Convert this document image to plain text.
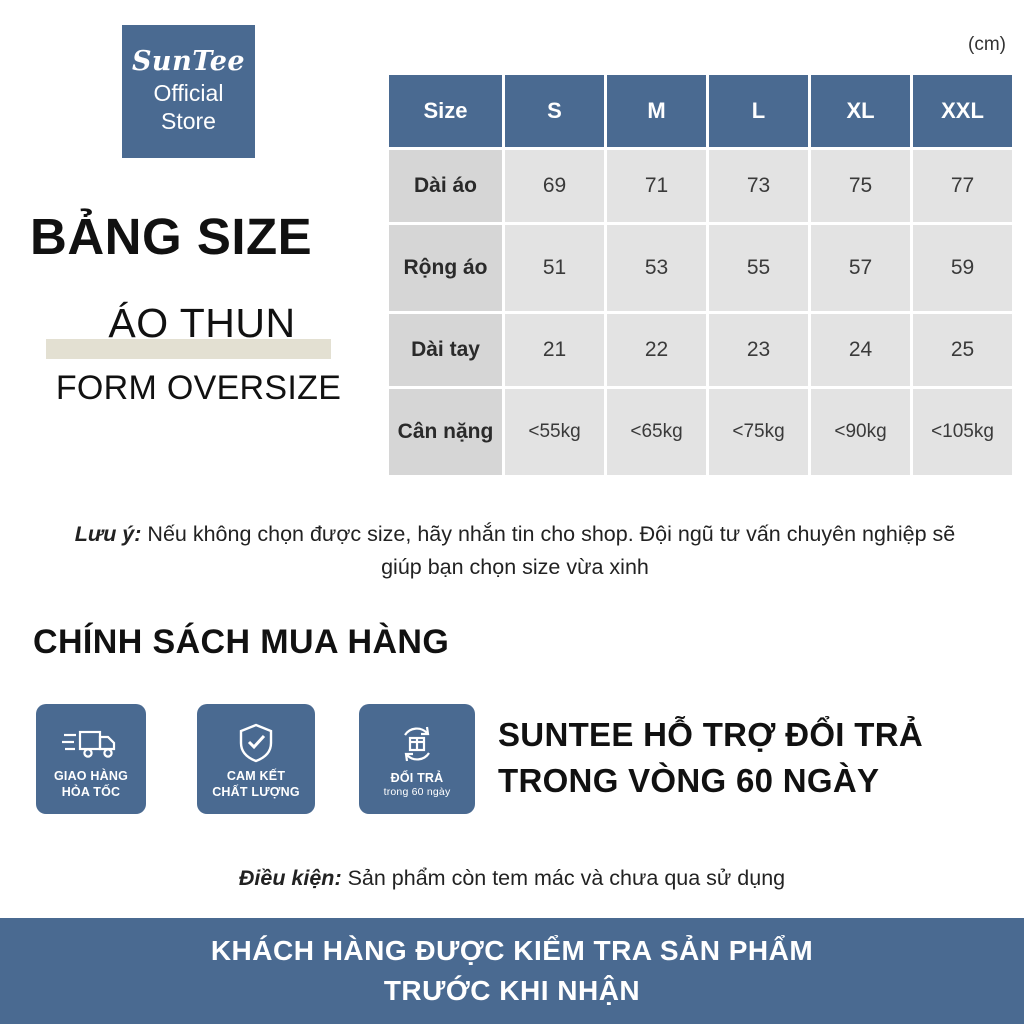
SunTee
Official
Store
BẢNG SIZE
ÁO THUN
FORM OVERSIZE
(cm)
Size	S	M	L	XL	XXL
Dài áo	69	71	73	75	77
Rộng áo	51	53	55	57	59
Dài tay	21	22	23	24	25
Cân nặng	<55kg	<65kg	<75kg	<90kg	<105kg
Lưu ý: Nếu không chọn được size, hãy nhắn tin cho shop. Đội ngũ tư vấn chuyên nghiệp sẽ giúp bạn chọn size vừa xinh
CHÍNH SÁCH MUA HÀNG
GIAO HÀNG
HỎA TỐC
CAM KẾT
CHẤT LƯỢNG
ĐỔI TRẢ
trong 60 ngày
SUNTEE HỖ TRỢ ĐỔI TRẢ
TRONG VÒNG 60 NGÀY
Điều kiện: Sản phẩm còn tem mác và chưa qua sử dụng
KHÁCH HÀNG ĐƯỢC KIỂM TRA SẢN PHẨM
TRƯỚC KHI NHẬN
